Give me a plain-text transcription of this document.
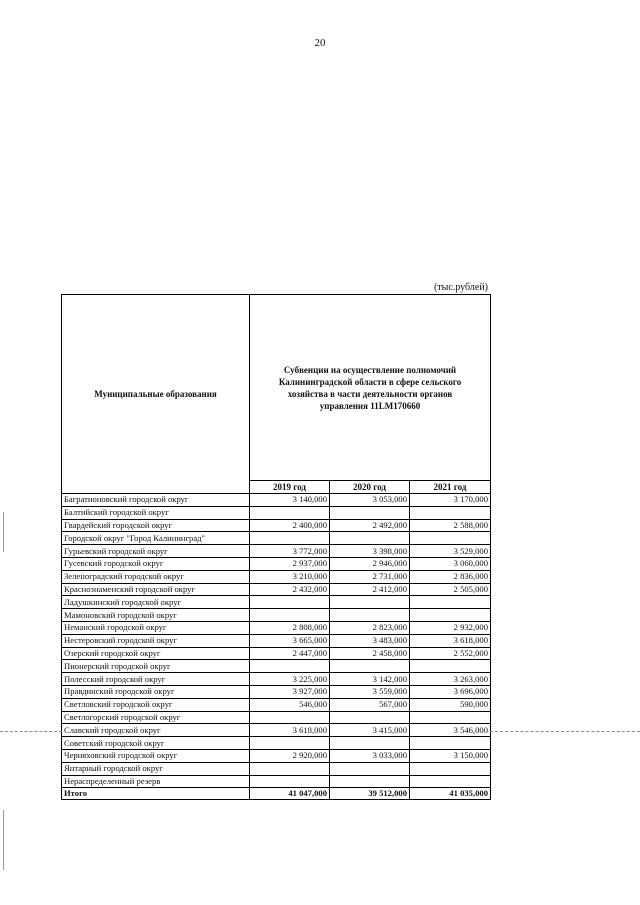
20
(тыс.рублей)
Муниципальные образования	Субвенции на осуществление полномочий Калининградской области в сфере сельского хозяйства в части деятельности органов управления 11LМ170660		
	2019 год	2020 год	2021 год
Багратионовский городской округ	3 140,000	3 053,000	3 170,000
Балтийский городской округ			
Гвардейский городской округ	2 400,000	2 492,000	2 588,000
Городской округ "Город Калининград"			
Гурьевский городской округ	3 772,000	3 398,000	3 529,000
Гусевский городской округ	2 937,000	2 946,000	3 060,000
Зеленоградский городской округ	3 210,000	2 731,000	2 836,000
Краснознаменский городской округ	2 432,000	2 412,000	2 505,000
Ладушкинский городской округ			
Мамоновский городской округ			
Неманский городской округ	2 808,000	2 823,000	2 932,000
Нестеровский городской округ	3 665,000	3 483,000	3 618,000
Озерский городской округ	2 447,000	2 458,000	2 552,000
Пионерский городской округ			
Полесский городской округ	3 225,000	3 142,000	3 263,000
Правдинский городской округ	3 927,000	3 559,000	3 696,000
Светловский городской округ	546,000	567,000	590,000
Светлогорский городской округ			
Славский городской округ	3 618,000	3 415,000	3 546,000
Советский городской округ			
Черняховский городской округ	2 920,000	3 033,000	3 150,000
Янтарный городской округ			
Нераспределенный резерв			
Итого	41 047,000	39 512,000	41 035,000
